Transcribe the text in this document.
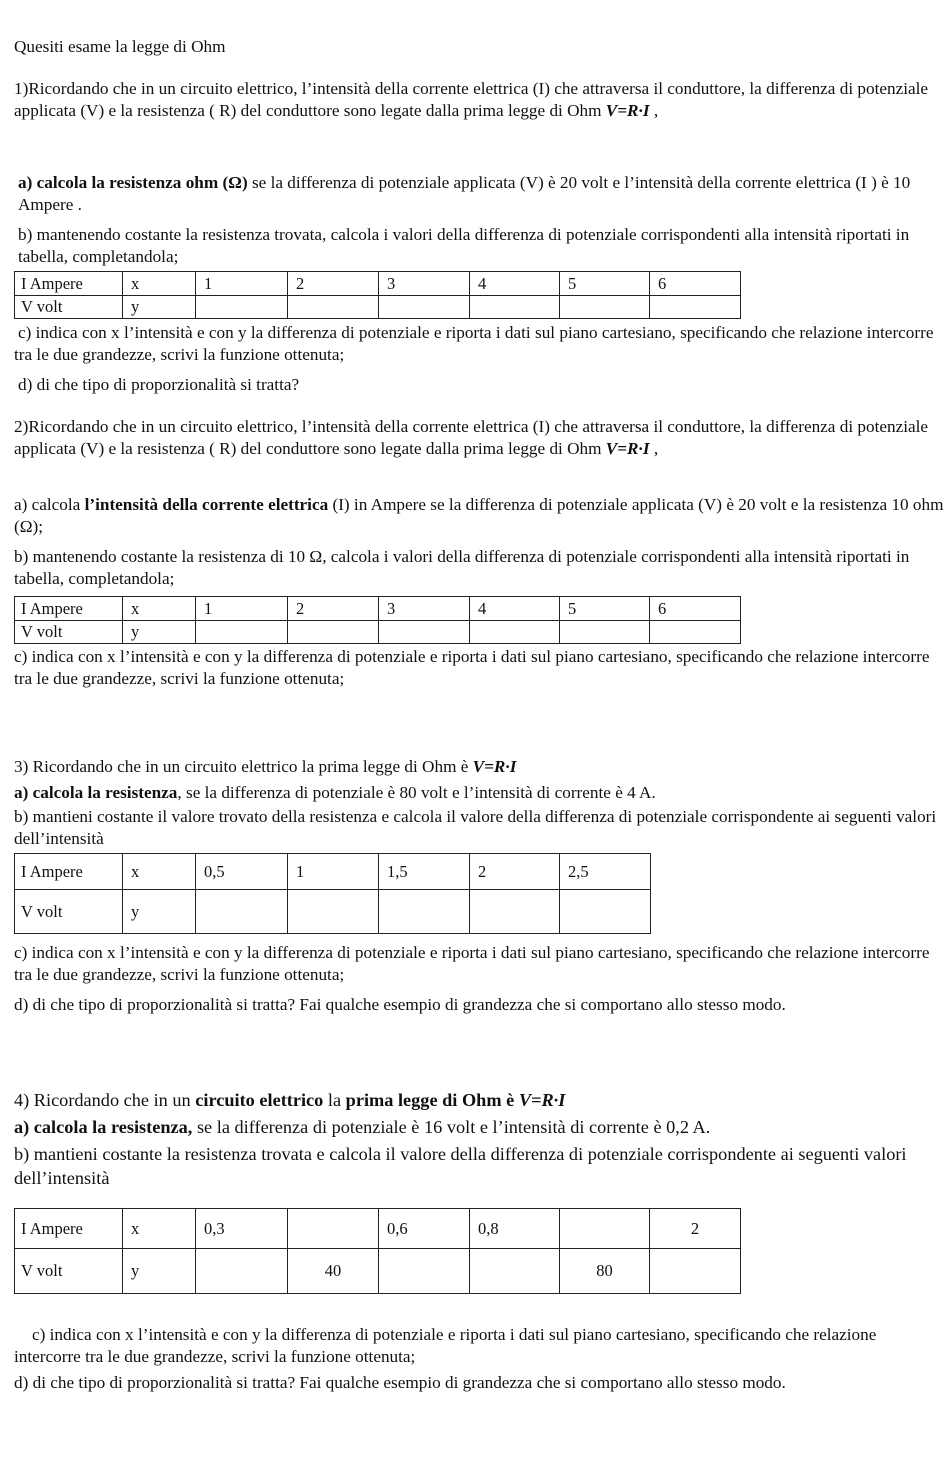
Quesiti esame la legge di Ohm

1)Ricordando che in un circuito elettrico, l’intensità della corrente elettrica (I) che attraversa il conduttore, la differenza di potenziale applicata (V) e la resistenza ( R) del conduttore sono legate dalla prima legge di Ohm V=R·I ,

a) calcola la resistenza ohm (Ω) se la differenza di potenziale applicata (V) è 20 volt e l’intensità della corrente elettrica (I ) è 10 Ampere .

b) mantenendo costante la resistenza trovata, calcola i valori della differenza di potenziale corrispondenti alla intensità riportati in tabella, completandola;

I Ampere	x	1	2	3	4	5	6
V volt	y						

c) indica con x l’intensità e con y la differenza di potenziale e riporta i dati sul piano cartesiano, specificando che relazione intercorre tra le due grandezze, scrivi la funzione ottenuta;

d) di che tipo di proporzionalità si tratta?

2)Ricordando che in un circuito elettrico, l’intensità della corrente elettrica (I) che attraversa il conduttore, la differenza di potenziale applicata (V) e la resistenza ( R) del conduttore sono legate dalla prima legge di Ohm V=R·I ,

a) calcola l’intensità della corrente elettrica (I) in Ampere se la differenza di potenziale applicata (V) è 20 volt e la resistenza 10 ohm (Ω);

b) mantenendo costante la resistenza di 10 Ω, calcola i valori della differenza di potenziale corrispondenti alla intensità riportati in tabella, completandola;

I Ampere	x	1	2	3	4	5	6
V volt	y						

c) indica con x l’intensità e con y la differenza di potenziale e riporta i dati sul piano cartesiano, specificando che relazione intercorre tra le due grandezze, scrivi la funzione ottenuta;

3) Ricordando che in un circuito elettrico la prima legge di Ohm è V=R·I

a) calcola la resistenza, se la differenza di potenziale è 80 volt e l’intensità di corrente è 4 A.

b) mantieni costante il valore trovato della resistenza e calcola il valore della differenza di potenziale corrispondente ai seguenti valori dell’intensità

I Ampere	x	0,5	1	1,5	2	2,5
V volt	y					

c) indica con x l’intensità e con y la differenza di potenziale e riporta i dati sul piano cartesiano, specificando che relazione intercorre tra le due grandezze, scrivi la funzione ottenuta;

d) di che tipo di proporzionalità si tratta? Fai qualche esempio di grandezza che si comportano allo stesso modo.

4) Ricordando che in un circuito elettrico la prima legge di Ohm è V=R·I

a) calcola la resistenza, se la differenza di potenziale è 16 volt e l’intensità di corrente è 0,2 A.

b) mantieni costante la resistenza trovata e calcola il valore della differenza di potenziale corrispondente ai seguenti valori dell’intensità

I Ampere	x	0,3		0,6	0,8		2
V volt	y		40			80	

c) indica con x l’intensità e con y la differenza di potenziale e riporta i dati sul piano cartesiano, specificando che relazione intercorre tra le due grandezze, scrivi la funzione ottenuta;

d) di che tipo di proporzionalità si tratta? Fai qualche esempio di grandezza che si comportano allo stesso modo.
